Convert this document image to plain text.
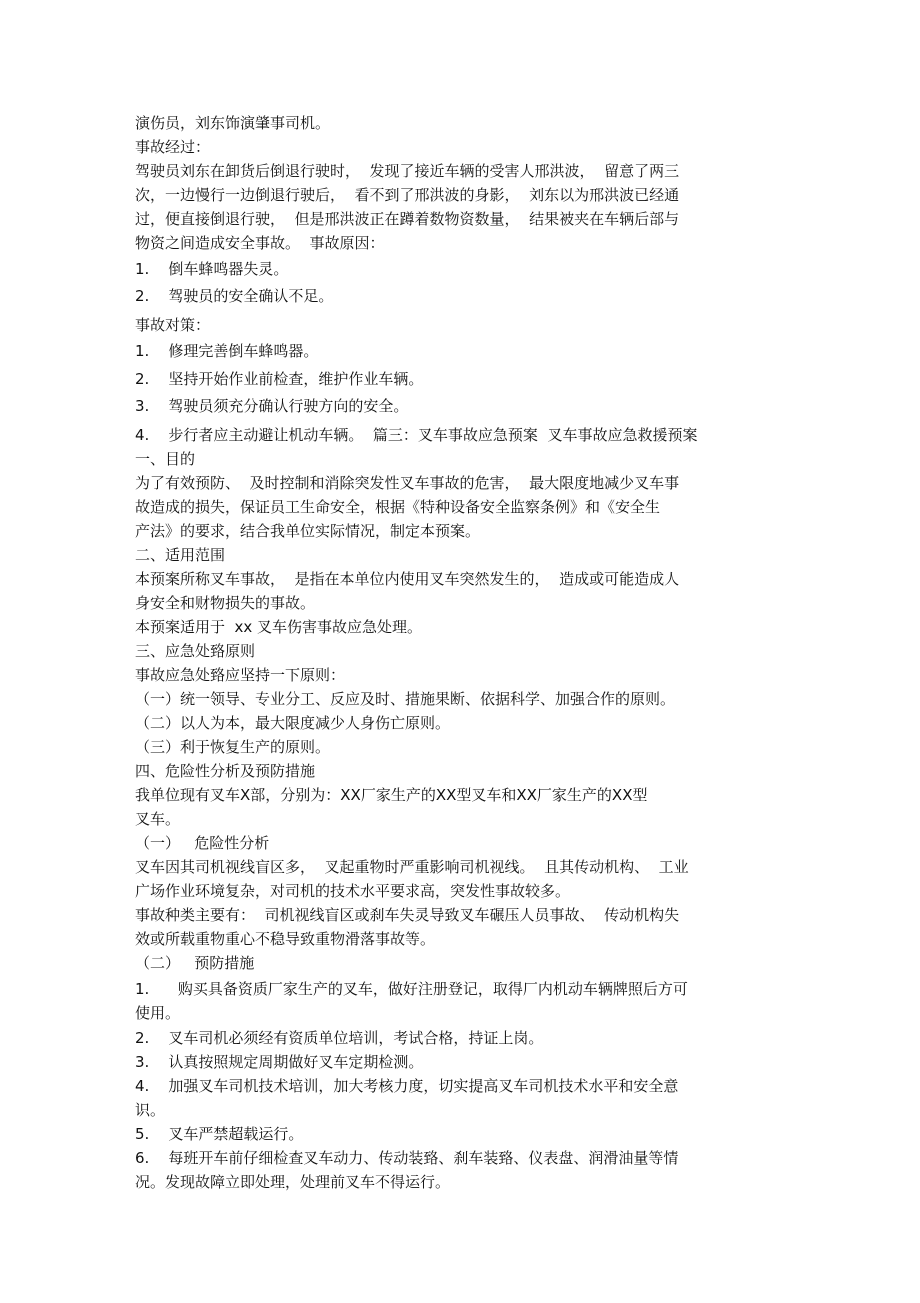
演伤员，刘东饰演肇事司机。

事故经过：

驾驶员刘东在卸货后倒退行驶时，  发现了接近车辆的受害人邢洪波，  留意了两三

次，一边慢行一边倒退行驶后，  看不到了邢洪波的身影，  刘东以为邢洪波已经通

过，便直接倒退行驶，  但是邢洪波正在蹲着数物资数量，  结果被夹在车辆后部与

物资之间造成安全事故。  事故原因：

1.    倒车蜂鸣器失灵。

2.    驾驶员的安全确认不足。

事故对策：

1.    修理完善倒车蜂鸣器。

2.    坚持开始作业前检查，维护作业车辆。

3.    驾驶员须充分确认行驶方向的安全。

4.    步行者应主动避让机动车辆。  篇三：叉车事故应急预案  叉车事故应急救援预案

一、目的

为了有效预防、  及时控制和消除突发性叉车事故的危害，  最大限度地减少叉车事

故造成的损失，保证员工生命安全，根据《特种设备安全监察条例》和《安全生

产法》的要求，结合我单位实际情况，制定本预案。

二、适用范围

本预案所称叉车事故，  是指在本单位内使用叉车突然发生的，  造成或可能造成人

身安全和财物损失的事故。

本预案适用于  xx 叉车伤害事故应急处理。

三、应急处臵原则

事故应急处臵应坚持一下原则：

（一）统一领导、专业分工、反应及时、措施果断、依据科学、加强合作的原则。

（二）以人为本，最大限度减少人身伤亡原则。

（三）利于恢复生产的原则。

四、危险性分析及预防措施

我单位现有叉车X部，分别为：XX厂家生产的XX型叉车和XX厂家生产的XX型

叉车。

（一）   危险性分析

叉车因其司机视线盲区多，  叉起重物时严重影响司机视线。  且其传动机构、  工业

广场作业环境复杂，对司机的技术水平要求高，突发性事故较多。

事故种类主要有：  司机视线盲区或刹车失灵导致叉车碾压人员事故、  传动机构失

效或所载重物重心不稳导致重物滑落事故等。

（二）   预防措施

1.      购买具备资质厂家生产的叉车，做好注册登记，取得厂内机动车辆牌照后方可

使用。

2.    叉车司机必须经有资质单位培训，考试合格，持证上岗。

3.    认真按照规定周期做好叉车定期检测。

4.    加强叉车司机技术培训，加大考核力度，切实提高叉车司机技术水平和安全意

识。

5.    叉车严禁超载运行。

6.    每班开车前仔细检查叉车动力、传动装臵、刹车装臵、仪表盘、润滑油量等情

况。发现故障立即处理，处理前叉车不得运行。
